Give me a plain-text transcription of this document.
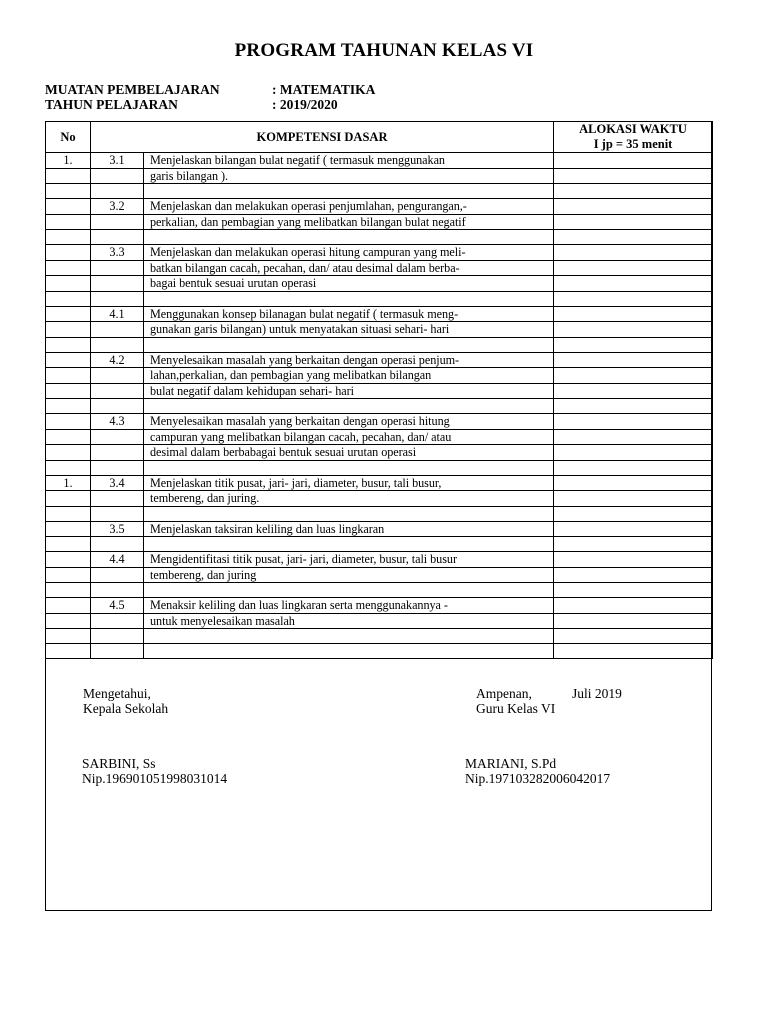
PROGRAM TAHUNAN KELAS VI
MUATAN PEMBELAJARAN	: MATEMATIKA
TAHUN PELAJARAN	: 2019/2020
No	KOMPETENSI DASAR		ALOKASI WAKTU
I jp = 35 menit

1.	3.1	Menjelaskan bilangan bulat negatif ( termasuk menggunakan	
		garis bilangan ).	

	3.2	Menjelaskan dan melakukan operasi penjumlahan, pengurangan,-	
		perkalian, dan pembagian yang melibatkan bilangan bulat negatif	

	3.3	Menjelaskan dan melakukan operasi hitung campuran yang meli-	
		batkan bilangan cacah, pecahan, dan/ atau desimal dalam berba-	
		bagai bentuk sesuai urutan operasi	

	4.1	Menggunakan konsep bilanagan bulat negatif ( termasuk meng-	
		gunakan garis bilangan) untuk menyatakan situasi sehari- hari	

	4.2	Menyelesaikan masalah yang berkaitan dengan operasi penjum-	
		lahan,perkalian, dan pembagian yang melibatkan bilangan	
		bulat negatif dalam kehidupan sehari- hari	

	4.3	Menyelesaikan masalah yang berkaitan dengan operasi hitung	
		campuran yang melibatkan bilangan cacah, pecahan, dan/ atau	
		desimal dalam berbabagai bentuk sesuai urutan operasi	

1.	3.4	Menjelaskan titik pusat, jari- jari, diameter, busur, tali busur,	
		tembereng, dan juring.	

	3.5	Menjelaskan taksiran keliling dan luas lingkaran	

	4.4	Mengidentifitasi titik pusat, jari- jari, diameter, busur, tali busur	
		tembereng, dan juring	

	4.5	Menaksir keliling dan luas lingkaran serta menggunakannya -	
		untuk menyelesaikan masalah	

Mengetahui,
Kepala Sekolah
SARBINI, Ss
Nip.196901051998031014
Ampenan,	Juli 2019
Guru Kelas VI
MARIANI, S.Pd
Nip.197103282006042017
